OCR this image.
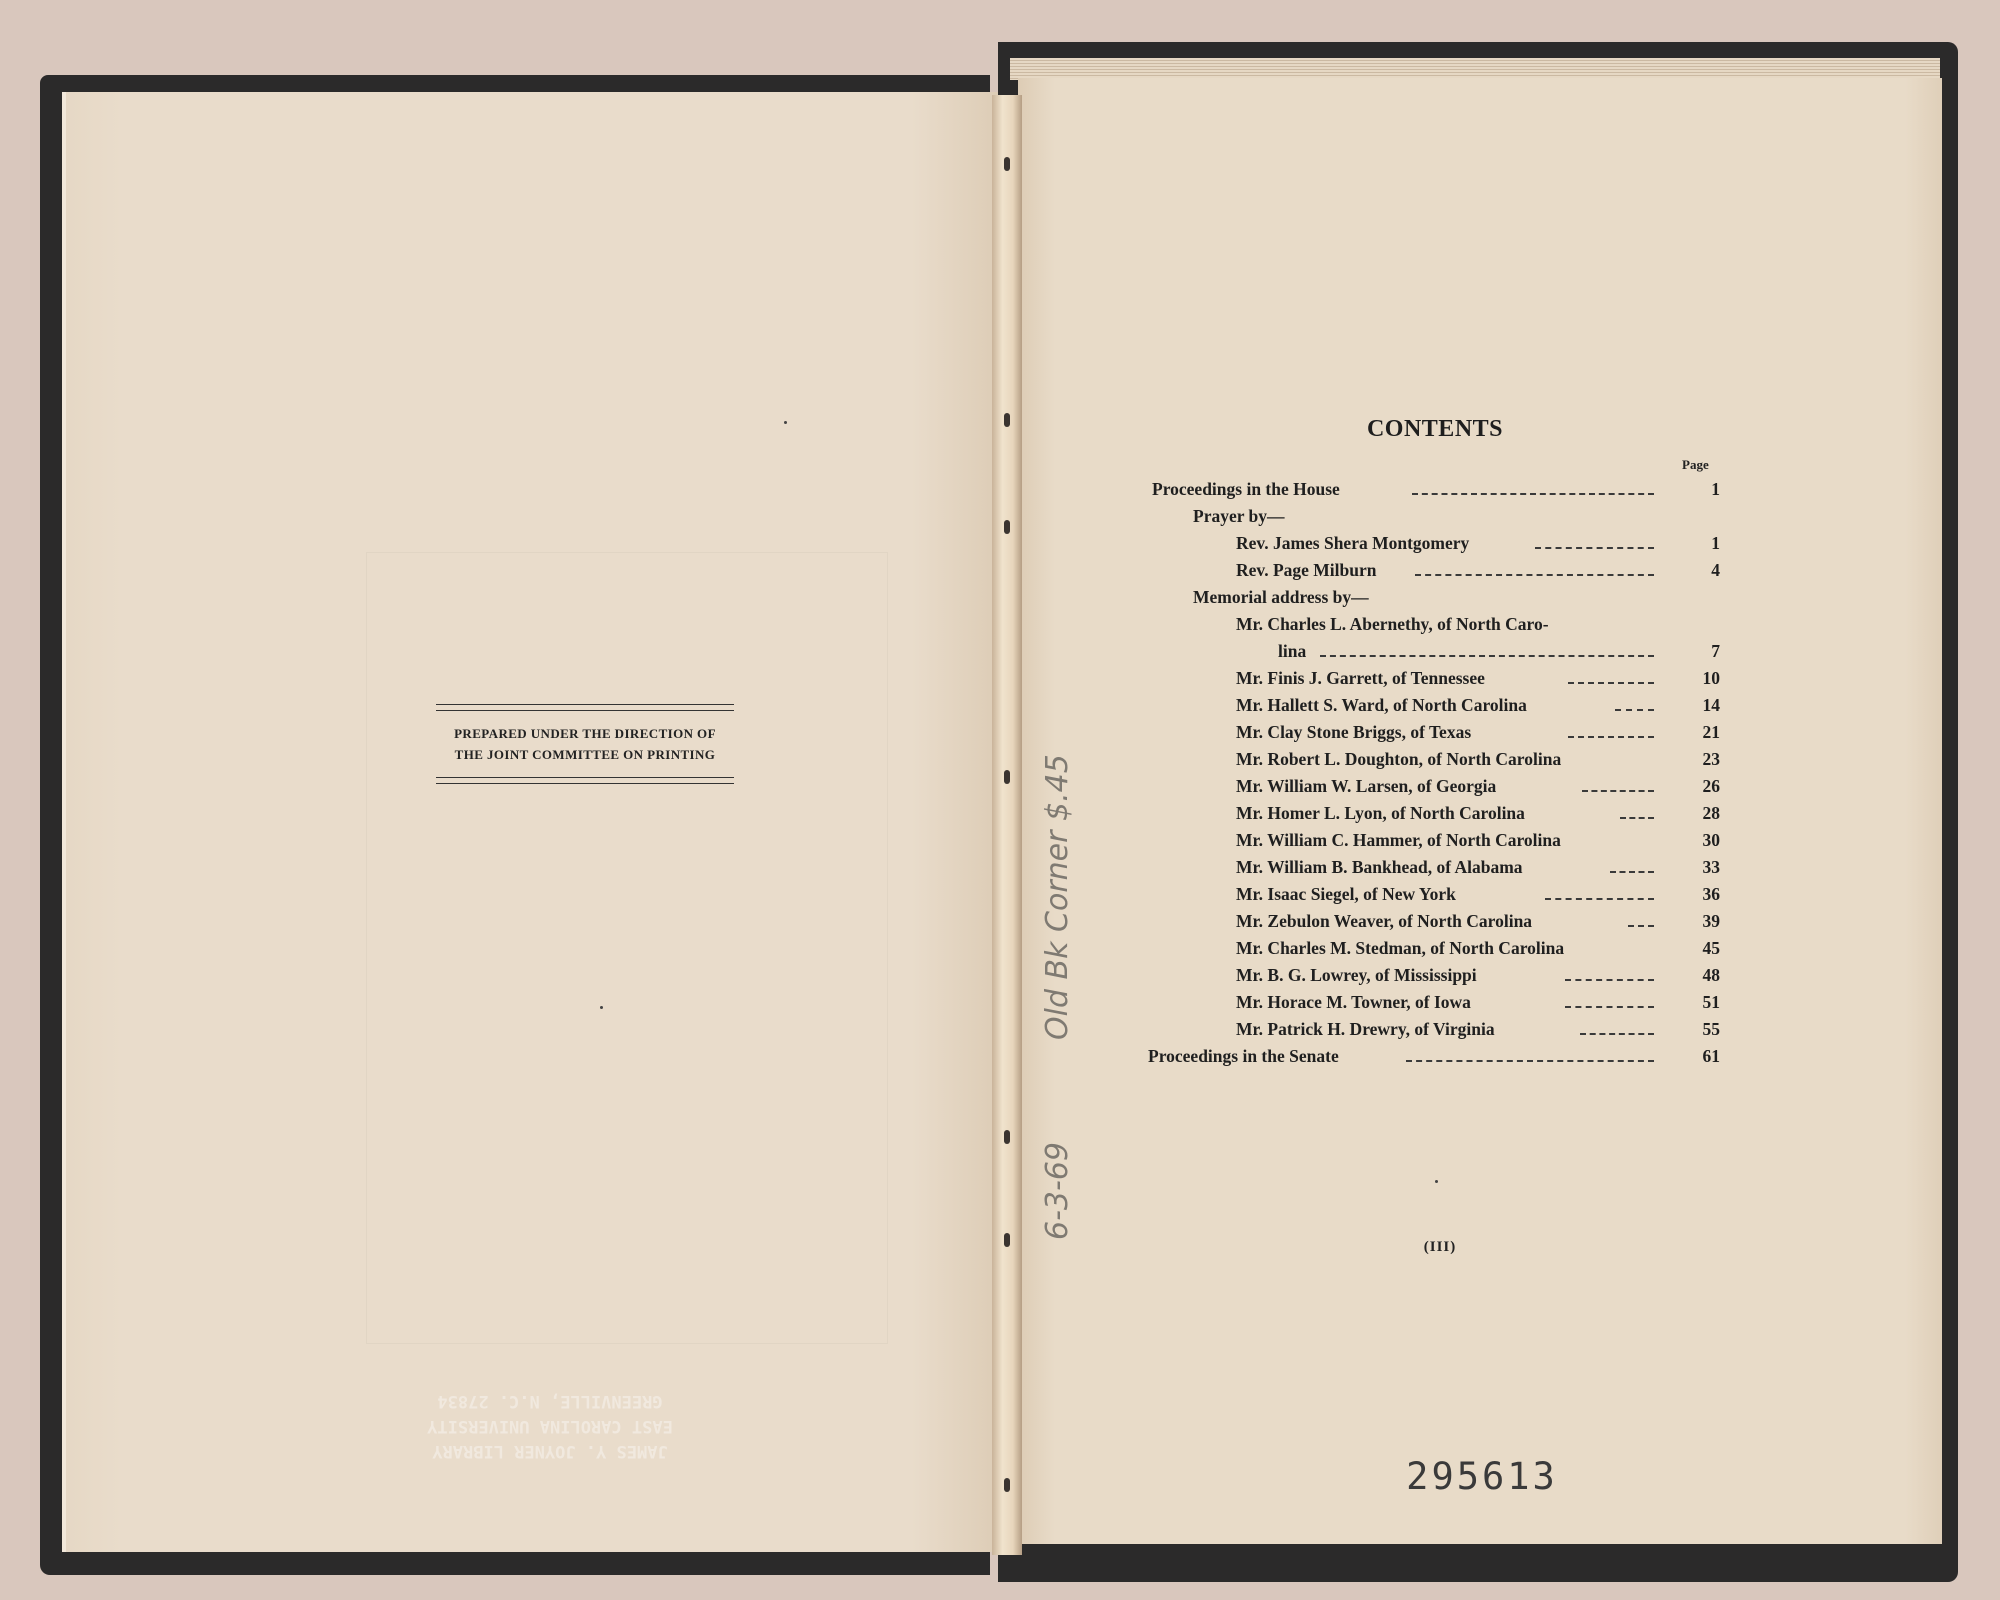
PREPARED UNDER THE DIRECTION OF
THE JOINT COMMITTEE ON PRINTING
JAMES Y. JOYNER LIBRARY
EAST CAROLINA UNIVERSITY
GREENVILLE, N.C. 27834
CONTENTS
Page
Proceedings in the House	1
Prayer by—
Rev. James Shera Montgomery	1
Rev. Page Milburn	4
Memorial address by—
Mr. Charles L. Abernethy, of North Caro-
lina	7
Mr. Finis J. Garrett, of Tennessee	10
Mr. Hallett S. Ward, of North Carolina	14
Mr. Clay Stone Briggs, of Texas	21
Mr. Robert L. Doughton, of North Carolina	23
Mr. William W. Larsen, of Georgia	26
Mr. Homer L. Lyon, of North Carolina	28
Mr. William C. Hammer, of North Carolina	30
Mr. William B. Bankhead, of Alabama	33
Mr. Isaac Siegel, of New York	36
Mr. Zebulon Weaver, of North Carolina	39
Mr. Charles M. Stedman, of North Carolina	45
Mr. B. G. Lowrey, of Mississippi	48
Mr. Horace M. Towner, of Iowa	51
Mr. Patrick H. Drewry, of Virginia	55
Proceedings in the Senate	61
(III)
295613
Old Bk Corner $.45
6-3-69
